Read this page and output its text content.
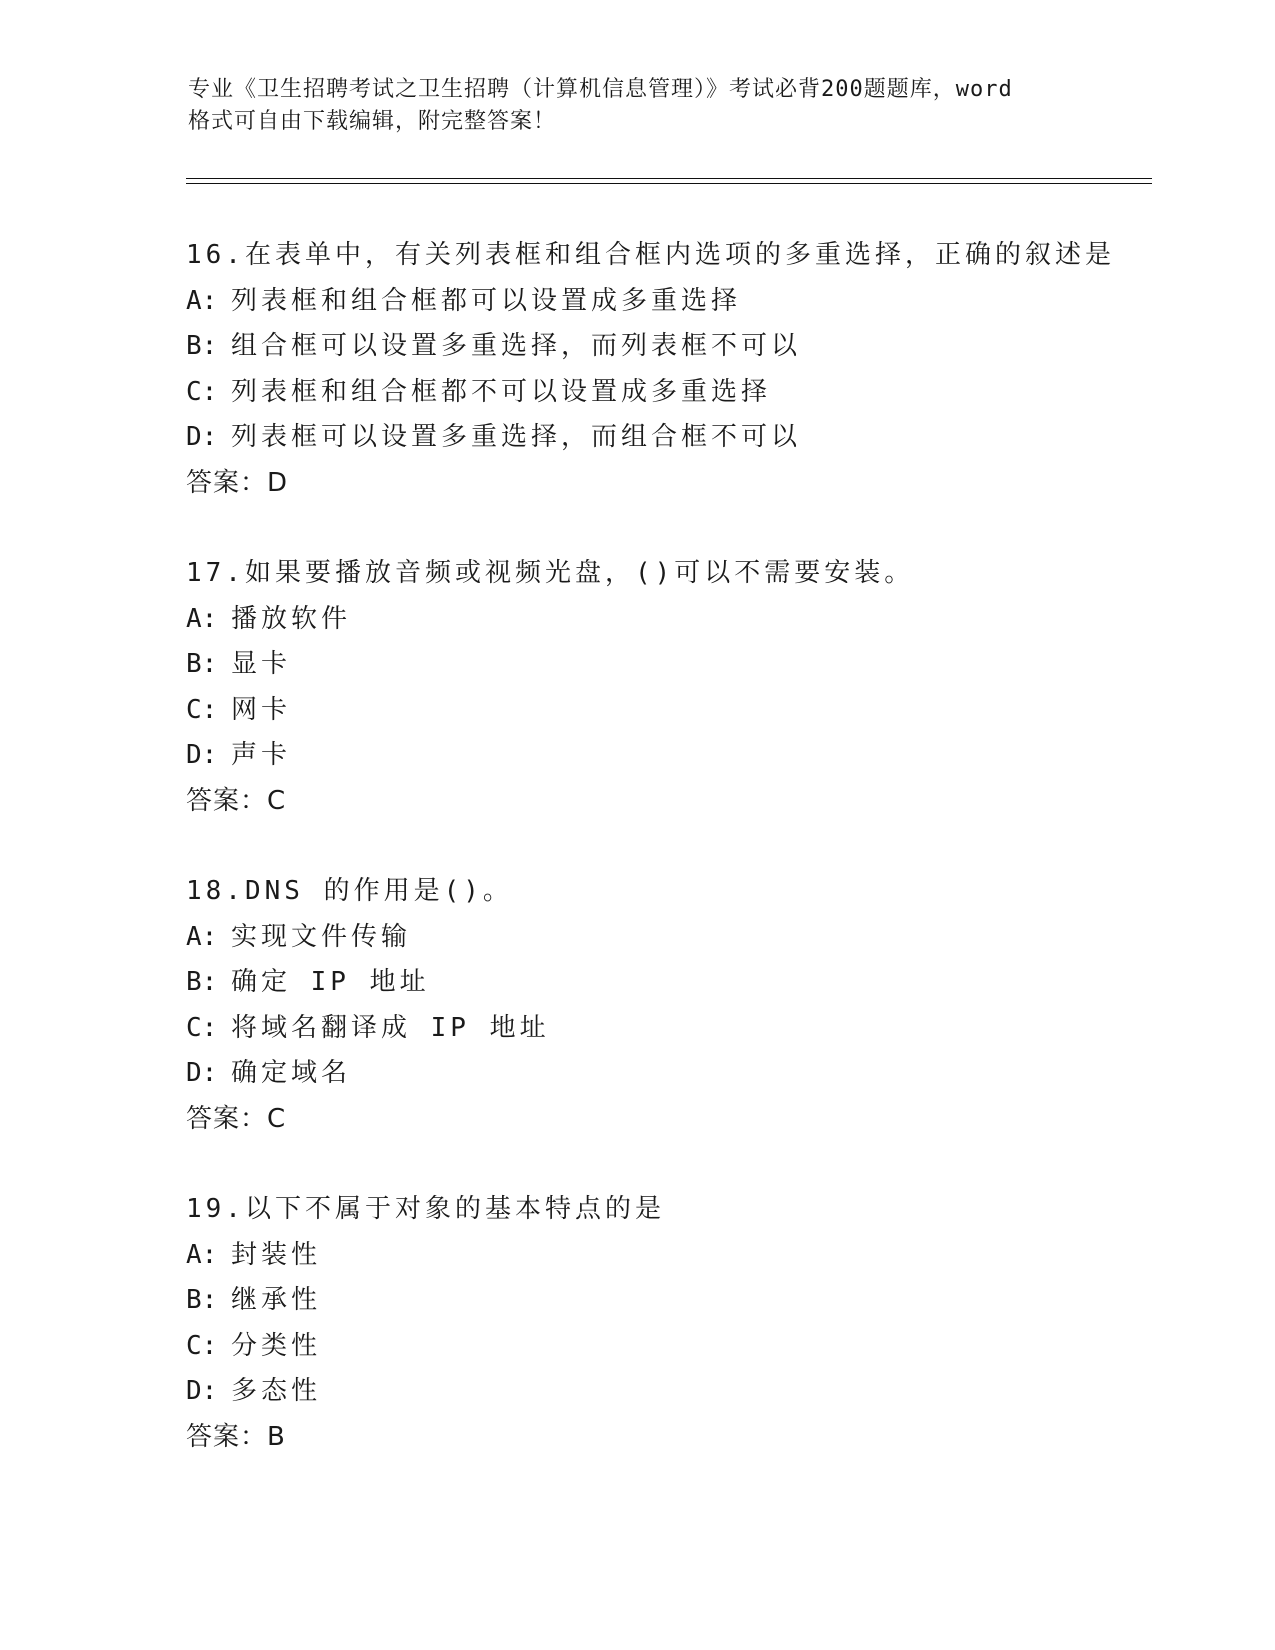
专业《卫生招聘考试之卫生招聘（计算机信息管理）》考试必背200题题库，word
格式可自由下载编辑，附完整答案！
16.在表单中，有关列表框和组合框内选项的多重选择，正确的叙述是
A: 列表框和组合框都可以设置成多重选择
B: 组合框可以设置多重选择，而列表框不可以
C: 列表框和组合框都不可以设置成多重选择
D: 列表框可以设置多重选择，而组合框不可以
答案：D
17.如果要播放音频或视频光盘，()可以不需要安装。
A: 播放软件
B: 显卡
C: 网卡
D: 声卡
答案：C
18.DNS 的作用是()。
A: 实现文件传输
B: 确定 IP 地址
C: 将域名翻译成 IP 地址
D: 确定域名
答案：C
19.以下不属于对象的基本特点的是
A: 封装性
B: 继承性
C: 分类性
D: 多态性
答案：B
